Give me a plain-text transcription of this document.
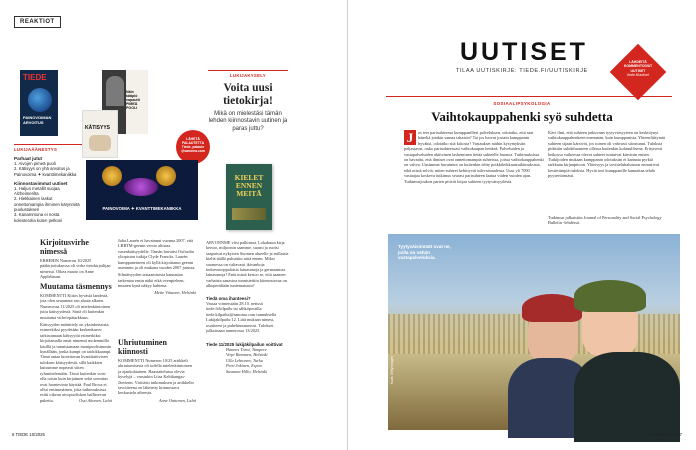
REAKTIOT
TIEDE
PAINOVOIMAN ARVOITUS
Näin kääpiö vapautti PIMEÄ POOLI
KÄTISYYS
LÄHETÄ PALAUTETTA Tiede, palaute @sanoma.com
PAINOVOIMA ✦ KVANTTIMEKANIIKKA
LUKIJAÄÄNESTYS
Parhaat jutut
1. Aivojen pimeä puoli
2. Kätisyys on yhä arvoitus ja
Painovoima ✦ kvanttimekaniikka
Kiinnostavimmat uutiset
1. Haljun metallit suojaa Alzheimerilta
2. Hiekkainen laskut onnettomampia ihminen kärynrsitä puolustuksen
3. Kanammuna ei nosta kolesterolia kuten pelkoni
Kirjoitusvirhe nimessä
ERHEHIN Numeron 10/2025 pääkirjoituksessa oli virhe tietokirjailijan nimessä. Oikea muoto on Anne Applebaum.
Juha Laurén ei havainnut vuonna 2007, että LRRTM-geenin versio altistaa vasenkätisyydelle. Tämän havaitsi Oxfordin yliopiston tutkija Clyde Francks. Laurén kumppaneineen oli kyllä kirjoittanut geenin asemmin ja oli mukana vuoden 2007 jutussa.
Silmäisyyden testaamisesta kannattaa tarkentaa ensin näkö eikä ovenpieleen, muuten kynä näkyy kahtena.
Mette Viitanen, Helsinki
Muutama täsmennys
KOMMENTTI Kiitos hyvästä landestä, jota olen seurannut sen alusta alkaen. Numerossa 11/2025 oli mielenkiintoinen juttu kätisyydestä. Siinä oli kuitenkin muutama virhe/epätarkkuus.
Kätisyyden määrittely on yksinkertaista, esimerkiksi pyydetään keskenkasvu tarkistamaan kätisyyttä esimerkiksi kirjoitamalla omat nimensä molemmilla käsillä ja tunnistamaan monipuolisimmin kynällään, jonka kumpi on taidokkaampi. Tämä antaa luotettavan kvantitatiivisen tuloksen kätisyydestä, sillä kaikkien kutsumme nopeasti sitten ryhmittelemään. Tässä kuitenkin voisi olla toisin kuin kirjaimen sekä sormitus ovat luontevinta käyttää. Paul Broca ei ollut ensimmäinen, joka tutkimuksissa esitti oikean aivopuoliskon hallitsevan puhetta.	Ossi Ahonen, Lahti
Uhriutuminen kiinnosti
KOMMENTTI Numeron 10/25 artikkeli uhriutumisesta oli todella mielenkiintoinen ja ajankohtainen. Haastattelussa olevia kyselyjä – varsinkin Liisa Keltikangas-Järvinen. Virittäisi tutkimuksen ja artikkelin tavoitteena on lähetetty kiinnostava keskustelu aiheesta.
Anne Onttonen, Lahti
LUKIJAKYSELY
Voita uusi tietokirja!
Mikä on mielestäsi tämän lehden kiinnostavin uutinen ja paras juttu?
KIELET
ENNEN
MEITÄ
ARVONNME viisi palkintoa. Lokakuun kirja kertoo, miljoonin saamme, suomi ja ruotsi saapuivat nykyisen Suomen alueelle ja millaisia kieliä täällä puhuttiin niitä ennen. Miksi suomessa on valtavasti ikivanhoja indoeurooppalaisia lainasanoja ja germaanisia lainasanoja? Entä mistä kertoo se, että saamen varhaista sanastoa tunnistettiin kiinnostavaa on alkuperältään tuntematonta?
Tiedä oma ihanteesi?
Vastaa viimeistään 28.10. netissä tiede.fi/kilpailu tai sähköpostilla tiede.kilpailut@sanoma.com tunnuksella Lukijakilpailu 12. Liitä mukaan nimesi, osoitteesi ja puhelinnumerosi. Tulokset julkaistaan numerossa 13/2025.
Tiede 11/2025 lukijäkilpailun voittivat
Hannes Törni, Tampere
Virpi Rintanen, Helsinki
Ulla Lehtonen, Turku
Petri Jokinen, Espoo
Susanna Hillo, Helsinki
6 TIEDE 10/2025
UUTISET
TILAA UUTISKIRJE: TIEDE.FI/UUTISKIRJE
LÄHDEITÄ
KOMMENTOIVAT
UUTISET
tiede.fi/uutiset
SOSIAALIPSYKOLOGIA
Vaihtokauppahenki syö suhdetta
J	os teet parisuhteessa kumppanillesi palveluksen, odotatko, että saat häneltä jotakin samaa takaisin? Tai jos luovut jostain kumppanin hyväksi, odotatko sitä kiitosta? Vastaukset näihin kysymyksiin paljastavat, onko parisuhteessasi vaihtokaupan henkeä. Palveluiden ja vastapalveluiden aktiivinen laskeminen tietää suhteelle huonoa. Tutkimuksissa on havaittu, että ihmiset ovat onnettomampia suhteissa, joissa vaihtokauppahenki on vahva. Uusimmat havainnot on kuitenkin tehty poikkileikkaustutkimuksista, eikä niistä selviä, miten suhteet kehittyvät tulevaisuudessa. Uusi yli 7000 vastaajaa koskeva tutkimus seurasi parisuhteen laatua viiden vuoden ajan. Tutkimusjoukon parien pitivät kirjaa suhteen tyytyväisyydestä.
Kävi ilmi, että suhteen jatkuvaan tyytyväisyyteen on keskittynyt vaihtokauppahenkeen enemmän, kuin kumppanista. Yhteenliittymät suhteen sijaan kärsivät, jos toinen oli vahvasti sitoutunut. Tuloksia pidettiin suhdeluonteen ollessa kuitenkin kohtuullisena. Erityisesti heikossa vaiheessa olevat suhteet tuntuivat kärsivän eniten. Tutkijoiden mukaan kumppanin odotuksiin ei kannata pyrkiä tarkkaan kirjanpitoon. Yhteisyys ja sovitteluhaluisuus ennustivat kestävämpiä tuloksia. Hyvät teot kumppanille kannattaa tehdä pyyteettömästi.
Tutkimus julkaistiin Journal of Personality and Social Psychology Bulletin -lehdessä.
Tyytyväisimmät ovat ne, joilla on vähän vastapalveluksia.
Kuva: Getty Images
10/2025 TIEDE 7
